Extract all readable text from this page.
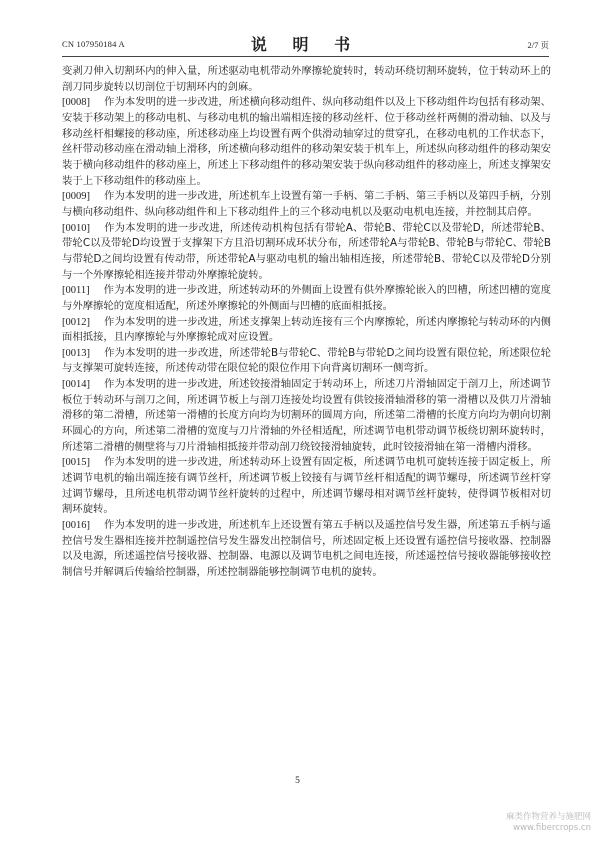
CN 107950184 A	说 明 书	2/7 页

变剥刀伸入切割环内的伸入量，所述驱动电机带动外摩擦轮旋转时，转动环绕切割环旋转，位于转动环上的剖刀同步旋转以切剖位于切割环内的剑麻。

[0008] 作为本发明的进一步改进，所述横向移动组件、纵向移动组件以及上下移动组件均包括有移动架、安装于移动架上的移动电机、与移动电机的输出端相连接的移动丝杆、位于移动丝杆两侧的滑动轴、以及与移动丝杆相螺接的移动座，所述移动座上均设置有两个供滑动轴穿过的贯穿孔，在移动电机的工作状态下，丝杆带动移动座在滑动轴上滑移，所述横向移动组件的移动架安装于机车上，所述纵向移动组件的移动架安装于横向移动组件的移动座上，所述上下移动组件的移动架安装于纵向移动组件的移动座上，所述支撑架安装于上下移动组件的移动座上。

[0009] 作为本发明的进一步改进，所述机车上设置有第一手柄、第二手柄、第三手柄以及第四手柄，分别与横向移动组件、纵向移动组件和上下移动组件上的三个移动电机以及驱动电机电连接，并控制其启停。

[0010] 作为本发明的进一步改进，所述传动机构包括有带轮A、带轮B、带轮C以及带轮D，所述带轮B、带轮C以及带轮D均设置于支撑架下方且沿切割环成环状分布，所述带轮A与带轮B、带轮B与带轮C、带轮B与带轮D之间均设置有传动带，所述带轮A与驱动电机的输出轴相连接，所述带轮B、带轮C以及带轮D分别与一个外摩擦轮相连接并带动外摩擦轮旋转。

[0011] 作为本发明的进一步改进，所述转动环的外侧面上设置有供外摩擦轮嵌入的凹槽，所述凹槽的宽度与外摩擦轮的宽度相适配，所述外摩擦轮的外侧面与凹槽的底面相抵接。

[0012] 作为本发明的进一步改进，所述支撑架上转动连接有三个内摩擦轮，所述内摩擦轮与转动环的内侧面相抵接，且内摩擦轮与外摩擦轮成对应设置。

[0013] 作为本发明的进一步改进，所述带轮B与带轮C、带轮B与带轮D之间均设置有限位轮，所述限位轮与支撑架可旋转连接，所述传动带在限位轮的限位作用下向背离切割环一侧弯折。

[0014] 作为本发明的进一步改进，所述铰接滑轴固定于转动环上，所述刀片滑轴固定于剖刀上，所述调节板位于转动环与剖刀之间，所述调节板上与剖刀连接处均设置有供铰接滑轴滑移的第一滑槽以及供刀片滑轴滑移的第二滑槽，所述第一滑槽的长度方向均为切割环的圆周方向，所述第二滑槽的长度方向均为朝向切割环圆心的方向，所述第二滑槽的宽度与刀片滑轴的外径相适配，所述调节电机带动调节板绕切割环旋转时，所述第二滑槽的侧壁将与刀片滑轴相抵接并带动剖刀绕铰接滑轴旋转，此时铰接滑轴在第一滑槽内滑移。

[0015] 作为本发明的进一步改进，所述转动环上设置有固定板，所述调节电机可旋转连接于固定板上，所述调节电机的输出端连接有调节丝杆，所述调节板上铰接有与调节丝杆相适配的调节螺母，所述调节丝杆穿过调节螺母，且所述电机带动调节丝杆旋转的过程中，所述调节螺母相对调节丝杆旋转，使得调节板相对切割环旋转。

[0016] 作为本发明的进一步改进，所述机车上还设置有第五手柄以及遥控信号发生器，所述第五手柄与遥控信号发生器相连接并控制遥控信号发生器发出控制信号，所述固定板上还设置有遥控信号接收器、控制器以及电源，所述遥控信号接收器、控制器、电源以及调节电机之间电连接，所述遥控信号接收器能够接收控制信号并解调后传输给控制器，所述控制器能够控制调节电机的旋转。

5
麻类作物营养与施肥网
www.fibercrops.cn
